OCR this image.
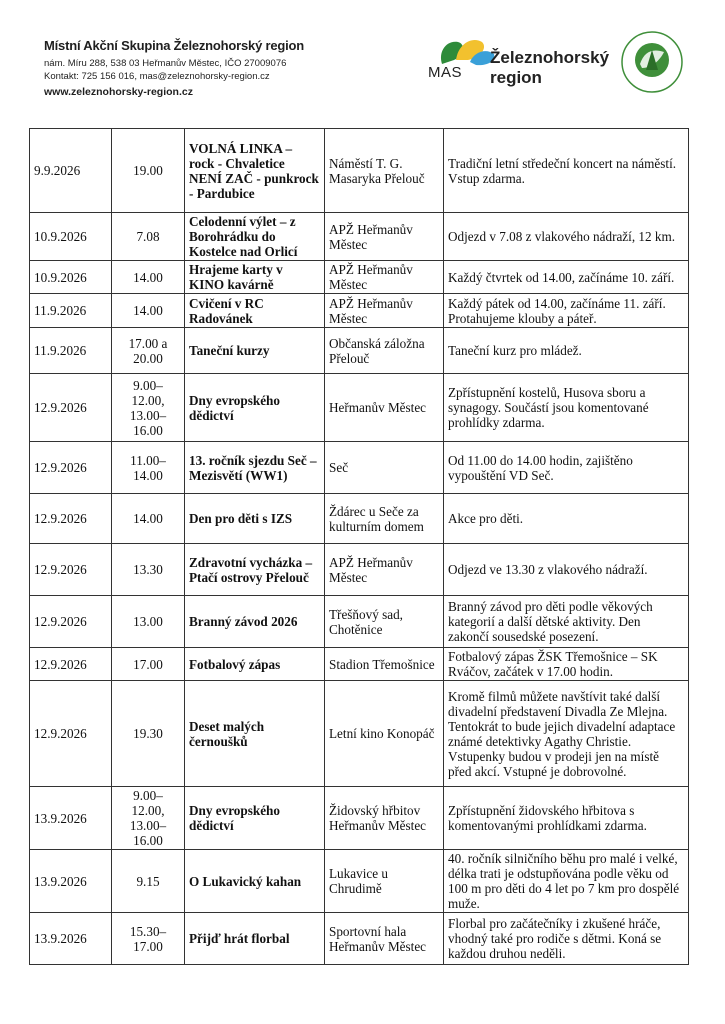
Místní Akční Skupina Železnohorský region
nám. Míru 288, 538 03 Heřmanův Městec, IČO 27009076
Kontakt: 725 156 016, mas@zeleznohorsky-region.cz
www.zeleznohorsky-region.cz
MAS
Železnohorský
region
9.9.2026	19.00	VOLNÁ LINKA – rock - Chvaletice NENÍ ZAČ - punkrock - Pardubice	Náměstí T. G. Masaryka Přelouč	Tradiční letní středeční koncert na náměstí. Vstup zdarma.
10.9.2026	7.08	Celodenní výlet – z Borohrádku do Kostelce nad Orlicí	APŽ Heřmanův Městec	Odjezd v 7.08 z vlakového nádraží, 12 km.
10.9.2026	14.00	Hrajeme karty v KINO kavárně	APŽ Heřmanův Městec	Každý čtvrtek od 14.00, začínáme 10. září.
11.9.2026	14.00	Cvičení v RC Radovánek	APŽ Heřmanův Městec	Každý pátek od 14.00, začínáme 11. září. Protahujeme klouby a páteř.
11.9.2026	17.00 a 20.00	Taneční kurzy	Občanská záložna Přelouč	Taneční kurz pro mládež.
12.9.2026	9.00– 12.00, 13.00– 16.00	Dny evropského dědictví	Heřmanův Městec	Zpřístupnění kostelů, Husova sboru a synagogy. Součástí jsou komentované prohlídky zdarma.
12.9.2026	11.00– 14.00	13. ročník sjezdu Seč – Mezisvětí (WW1)	Seč	Od 11.00 do 14.00 hodin, zajištěno vypouštění VD Seč.
12.9.2026	14.00	Den pro děti s IZS	Ždárec u Seče za kulturním domem	Akce pro děti.
12.9.2026	13.30	Zdravotní vycházka – Ptačí ostrovy Přelouč	APŽ Heřmanův Městec	Odjezd ve 13.30 z vlakového nádraží.
12.9.2026	13.00	Branný závod 2026	Třešňový sad, Chotěnice	Branný závod pro děti podle věkových kategorií a další dětské aktivity. Den zakončí sousedské posezení.
12.9.2026	17.00	Fotbalový zápas	Stadion Třemošnice	Fotbalový zápas ŽSK Třemošnice – SK Rváčov, začátek v 17.00 hodin.
12.9.2026	19.30	Deset malých černoušků	Letní kino Konopáč	Kromě filmů můžete navštívit také další divadelní představení Divadla Ze Mlejna. Tentokrát to bude jejich divadelní adaptace známé detektivky Agathy Christie. Vstupenky budou v prodeji jen na místě před akcí. Vstupné je dobrovolné.
13.9.2026	9.00– 12.00, 13.00– 16.00	Dny evropského dědictví	Židovský hřbitov Heřmanův Městec	Zpřístupnění židovského hřbitova s komentovanými prohlídkami zdarma.
13.9.2026	9.15	O Lukavický kahan	Lukavice u Chrudimě	40. ročník silničního běhu pro malé i velké, délka trati je odstupňována podle věku od 100 m pro děti do 4 let po 7 km pro dospělé muže.
13.9.2026	15.30– 17.00	Přijď hrát florbal	Sportovní hala Heřmanův Městec	Florbal pro začátečníky i zkušené hráče, vhodný také pro rodiče s dětmi. Koná se každou druhou neděli.
